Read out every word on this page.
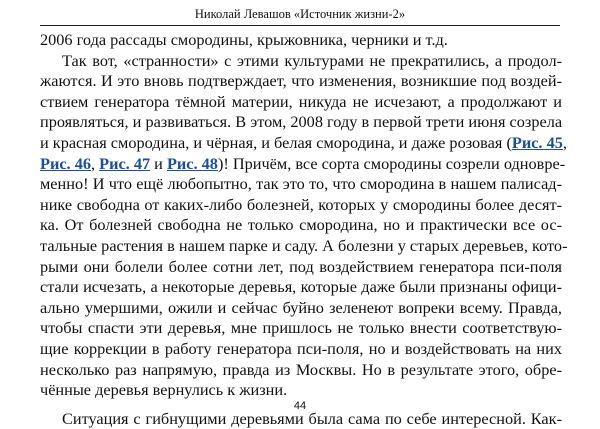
Николай Левашов «Источник жизни-2»
2006 года рассады смородины, крыжовника, черники и т.д.
Так вот, «странности» с этими культурами не прекратились, а продол-
жаются. И это вновь подтверждает, что изменения, возникшие под воздей-
ствием генератора тёмной материи, никуда не исчезают, а продолжают и
проявляться, и развиваться. В этом, 2008 году в первой трети июня созрела
и красная смородина, и чёрная, и белая смородина, и даже розовая (Рис. 45,
Рис. 46, Рис. 47 и Рис. 48)! Причём, все сорта смородины созрели одновре-
менно! И что ещё любопытно, так это то, что смородина в нашем палисад-
нике свободна от каких-либо болезней, которых у смородины более десят-
ка. От болезней свободна не только смородина, но и практически все ос-
тальные растения в нашем парке и саду. А болезни у старых деревьев, кото-
рыми они болели более сотни лет, под воздействием генератора пси-поля
стали исчезать, а некоторые деревья, которые даже были признаны офици-
ально умершими, ожили и сейчас буйно зеленеют вопреки всему. Правда,
чтобы спасти эти деревья, мне пришлось не только внести соответствую-
щие коррекции в работу генератора пси-поля, но и воздействовать на них
несколько раз напрямую, правда из Москвы. Но в результате этого, обре-
чённые деревья вернулись к жизни.
Ситуация с гибнущими деревьями была сама по себе интересной. Как-
44
